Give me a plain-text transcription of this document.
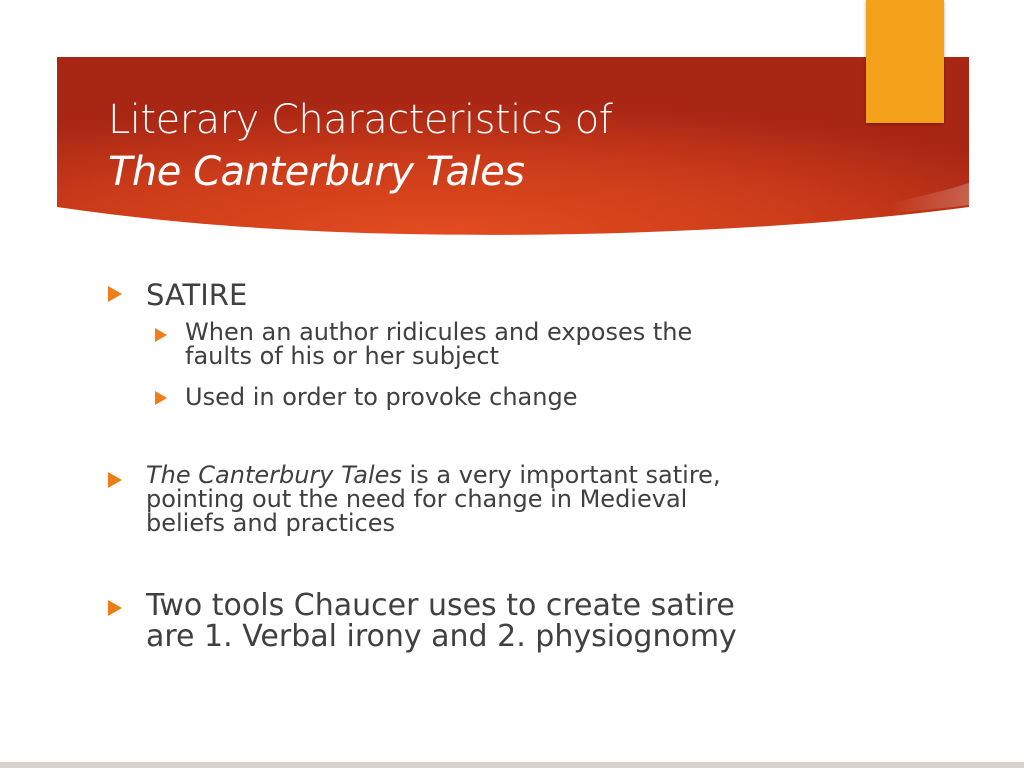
Literary Characteristics of
The Canterbury Tales
SATIRE
When an author ridicules and exposes the
faults of his or her subject
Used in order to provoke change
The Canterbury Tales is a very important satire,
pointing out the need for change in Medieval
beliefs and practices
Two tools Chaucer uses to create satire
are 1. Verbal irony and 2. physiognomy
